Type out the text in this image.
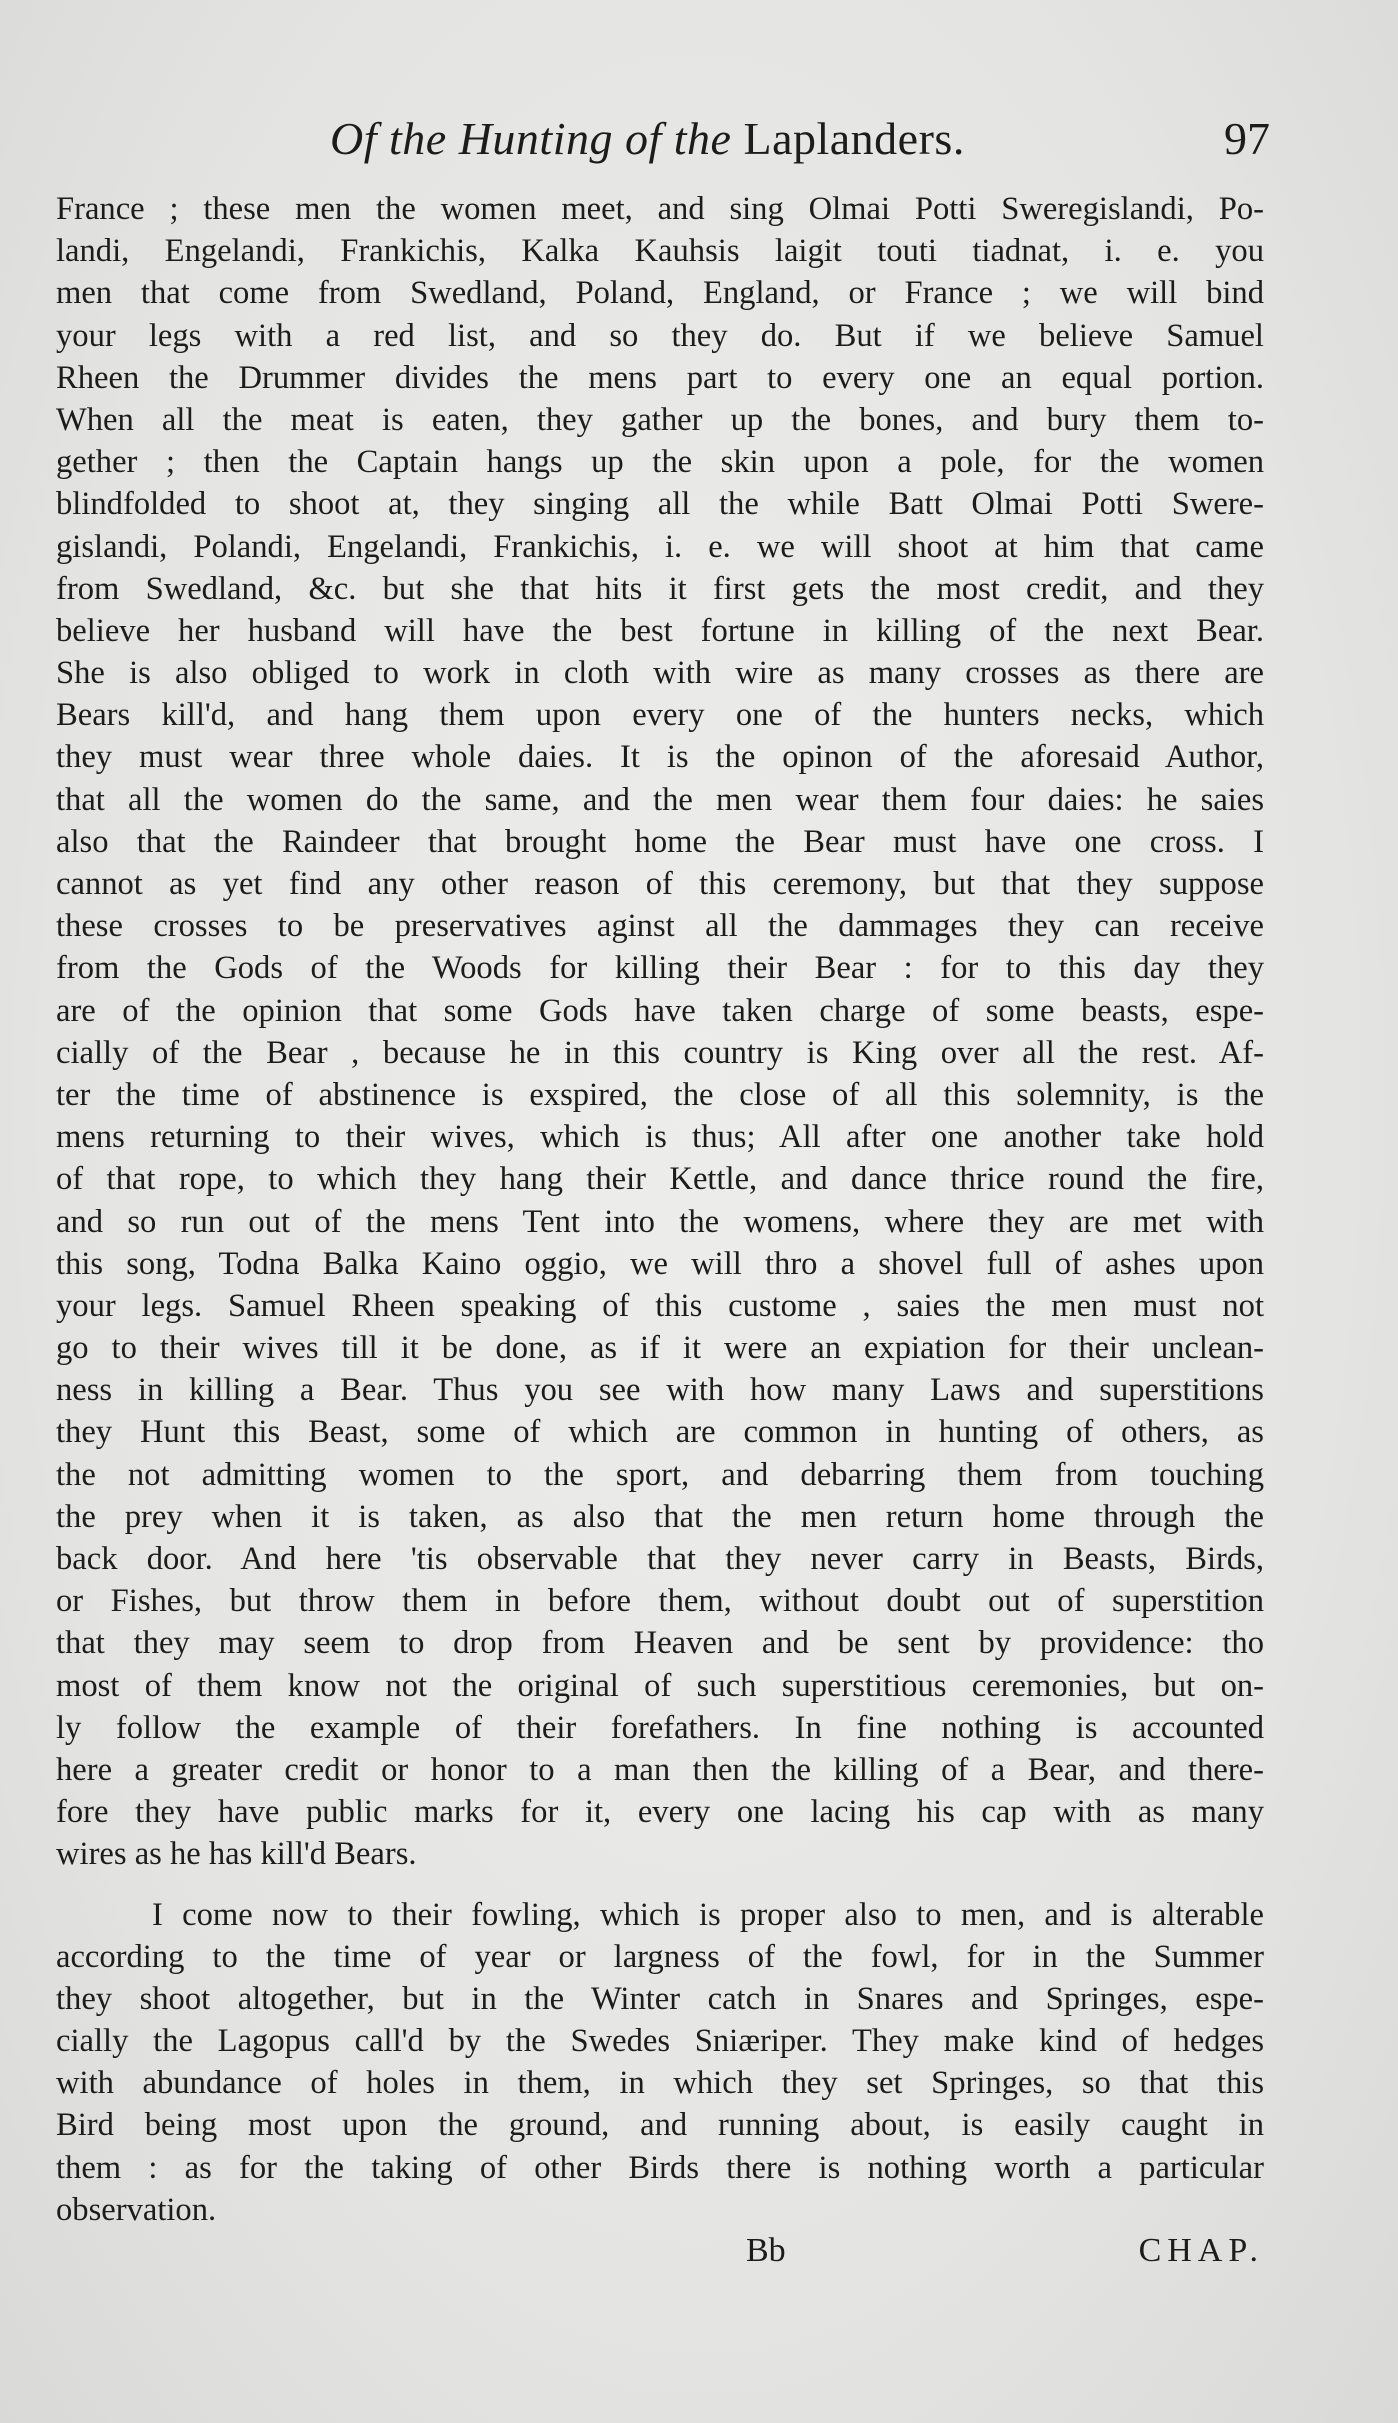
Of the Hunting of the Laplanders.	97
France ; these men the women meet, and sing Olmai Potti Sweregislandi, Po-
landi, Engelandi, Frankichis, Kalka Kauhsis laigit touti tiadnat, i. e. you
men that come from Swedland, Poland, England, or France ; we will bind
your legs with a red list, and so they do. But if we believe Samuel
Rheen the Drummer divides the mens part to every one an equal portion.
When all the meat is eaten, they gather up the bones, and bury them to-
gether ; then the Captain hangs up the skin upon a pole, for the women
blindfolded to shoot at, they singing all the while Batt Olmai Potti Swere-
gislandi, Polandi, Engelandi, Frankichis, i. e. we will shoot at him that came
from Swedland, &c. but she that hits it first gets the most credit, and they
believe her husband will have the best fortune in killing of the next Bear.
She is also obliged to work in cloth with wire as many crosses as there are
Bears kill'd, and hang them upon every one of the hunters necks, which
they must wear three whole daies. It is the opinon of the aforesaid Author,
that all the women do the same, and the men wear them four daies: he saies
also that the Raindeer that brought home the Bear must have one cross. I
cannot as yet find any other reason of this ceremony, but that they suppose
these crosses to be preservatives aginst all the dammages they can receive
from the Gods of the Woods for killing their Bear : for to this day they
are of the opinion that some Gods have taken charge of some beasts, espe-
cially of the Bear , because he in this country is King over all the rest. Af-
ter the time of abstinence is exspired, the close of all this solemnity, is the
mens returning to their wives, which is thus; All after one another take hold
of that rope, to which they hang their Kettle, and dance thrice round the fire,
and so run out of the mens Tent into the womens, where they are met with
this song, Todna Balka Kaino oggio, we will thro a shovel full of ashes upon
your legs. Samuel Rheen speaking of this custome , saies the men must not
go to their wives till it be done, as if it were an expiation for their unclean-
ness in killing a Bear. Thus you see with how many Laws and superstitions
they Hunt this Beast, some of which are common in hunting of others, as
the not admitting women to the sport, and debarring them from touching
the prey when it is taken, as also that the men return home through the
back door. And here 'tis observable that they never carry in Beasts, Birds,
or Fishes, but throw them in before them, without doubt out of superstition
that they may seem to drop from Heaven and be sent by providence: tho
most of them know not the original of such superstitious ceremonies, but on-
ly follow the example of their forefathers. In fine nothing is accounted
here a greater credit or honor to a man then the killing of a Bear, and there-
fore they have public marks for it, every one lacing his cap with as many
wires as he has kill'd Bears.
I come now to their fowling, which is proper also to men, and is alterable
according to the time of year or largness of the fowl, for in the Summer
they shoot altogether, but in the Winter catch in Snares and Springes, espe-
cially the Lagopus call'd by the Swedes Sniæriper. They make kind of hedges
with abundance of holes in them, in which they set Springes, so that this
Bird being most upon the ground, and running about, is easily caught in
them : as for the taking of other Birds there is nothing worth a particular
observation.
Bb	CHAP.
